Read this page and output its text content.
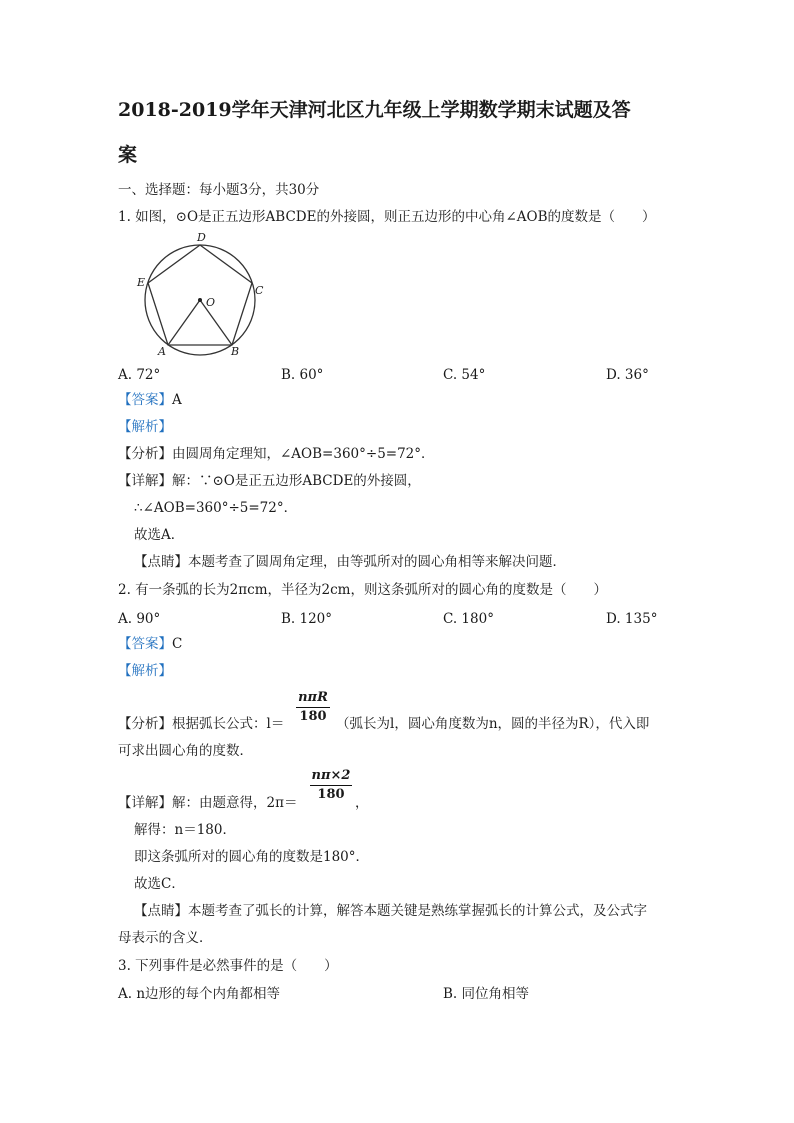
2018-2019学年天津河北区九年级上学期数学期末试题及答
案
一、选择题：每小题3分，共30分
1. 如图，⊙O是正五边形ABCDE的外接圆，则正五边形的中心角∠AOB的度数是（　　）
D
E
C
O
A	B
A. 72°	B. 60°	C. 54°	D. 36°
【答案】A
【解析】
【分析】由圆周角定理知，∠AOB=360°÷5=72°．
【详解】解：∵⊙O是正五边形ABCDE的外接圆，
∴∠AOB=360°÷5=72°．
故选A．
【点睛】本题考查了圆周角定理，由等弧所对的圆心角相等来解决问题．
2. 有一条弧的长为2πcm，半径为2cm，则这条弧所对的圆心角的度数是（　　）
A. 90°	B. 120°	C. 180°	D. 135°
【答案】C
【解析】
nπR
180
【分析】根据弧长公式：l＝	（弧长为l，圆心角度数为n，圆的半径为R），代入即
可求出圆心角的度数．
nπ×2
180
【详解】解：由题意得，2π＝	，
解得：n＝180．
即这条弧所对的圆心角的度数是180°．
故选C．
【点睛】本题考查了弧长的计算，解答本题关键是熟练掌握弧长的计算公式，及公式字
母表示的含义．
3. 下列事件是必然事件的是（　　）
A. n边形的每个内角都相等	B. 同位角相等
